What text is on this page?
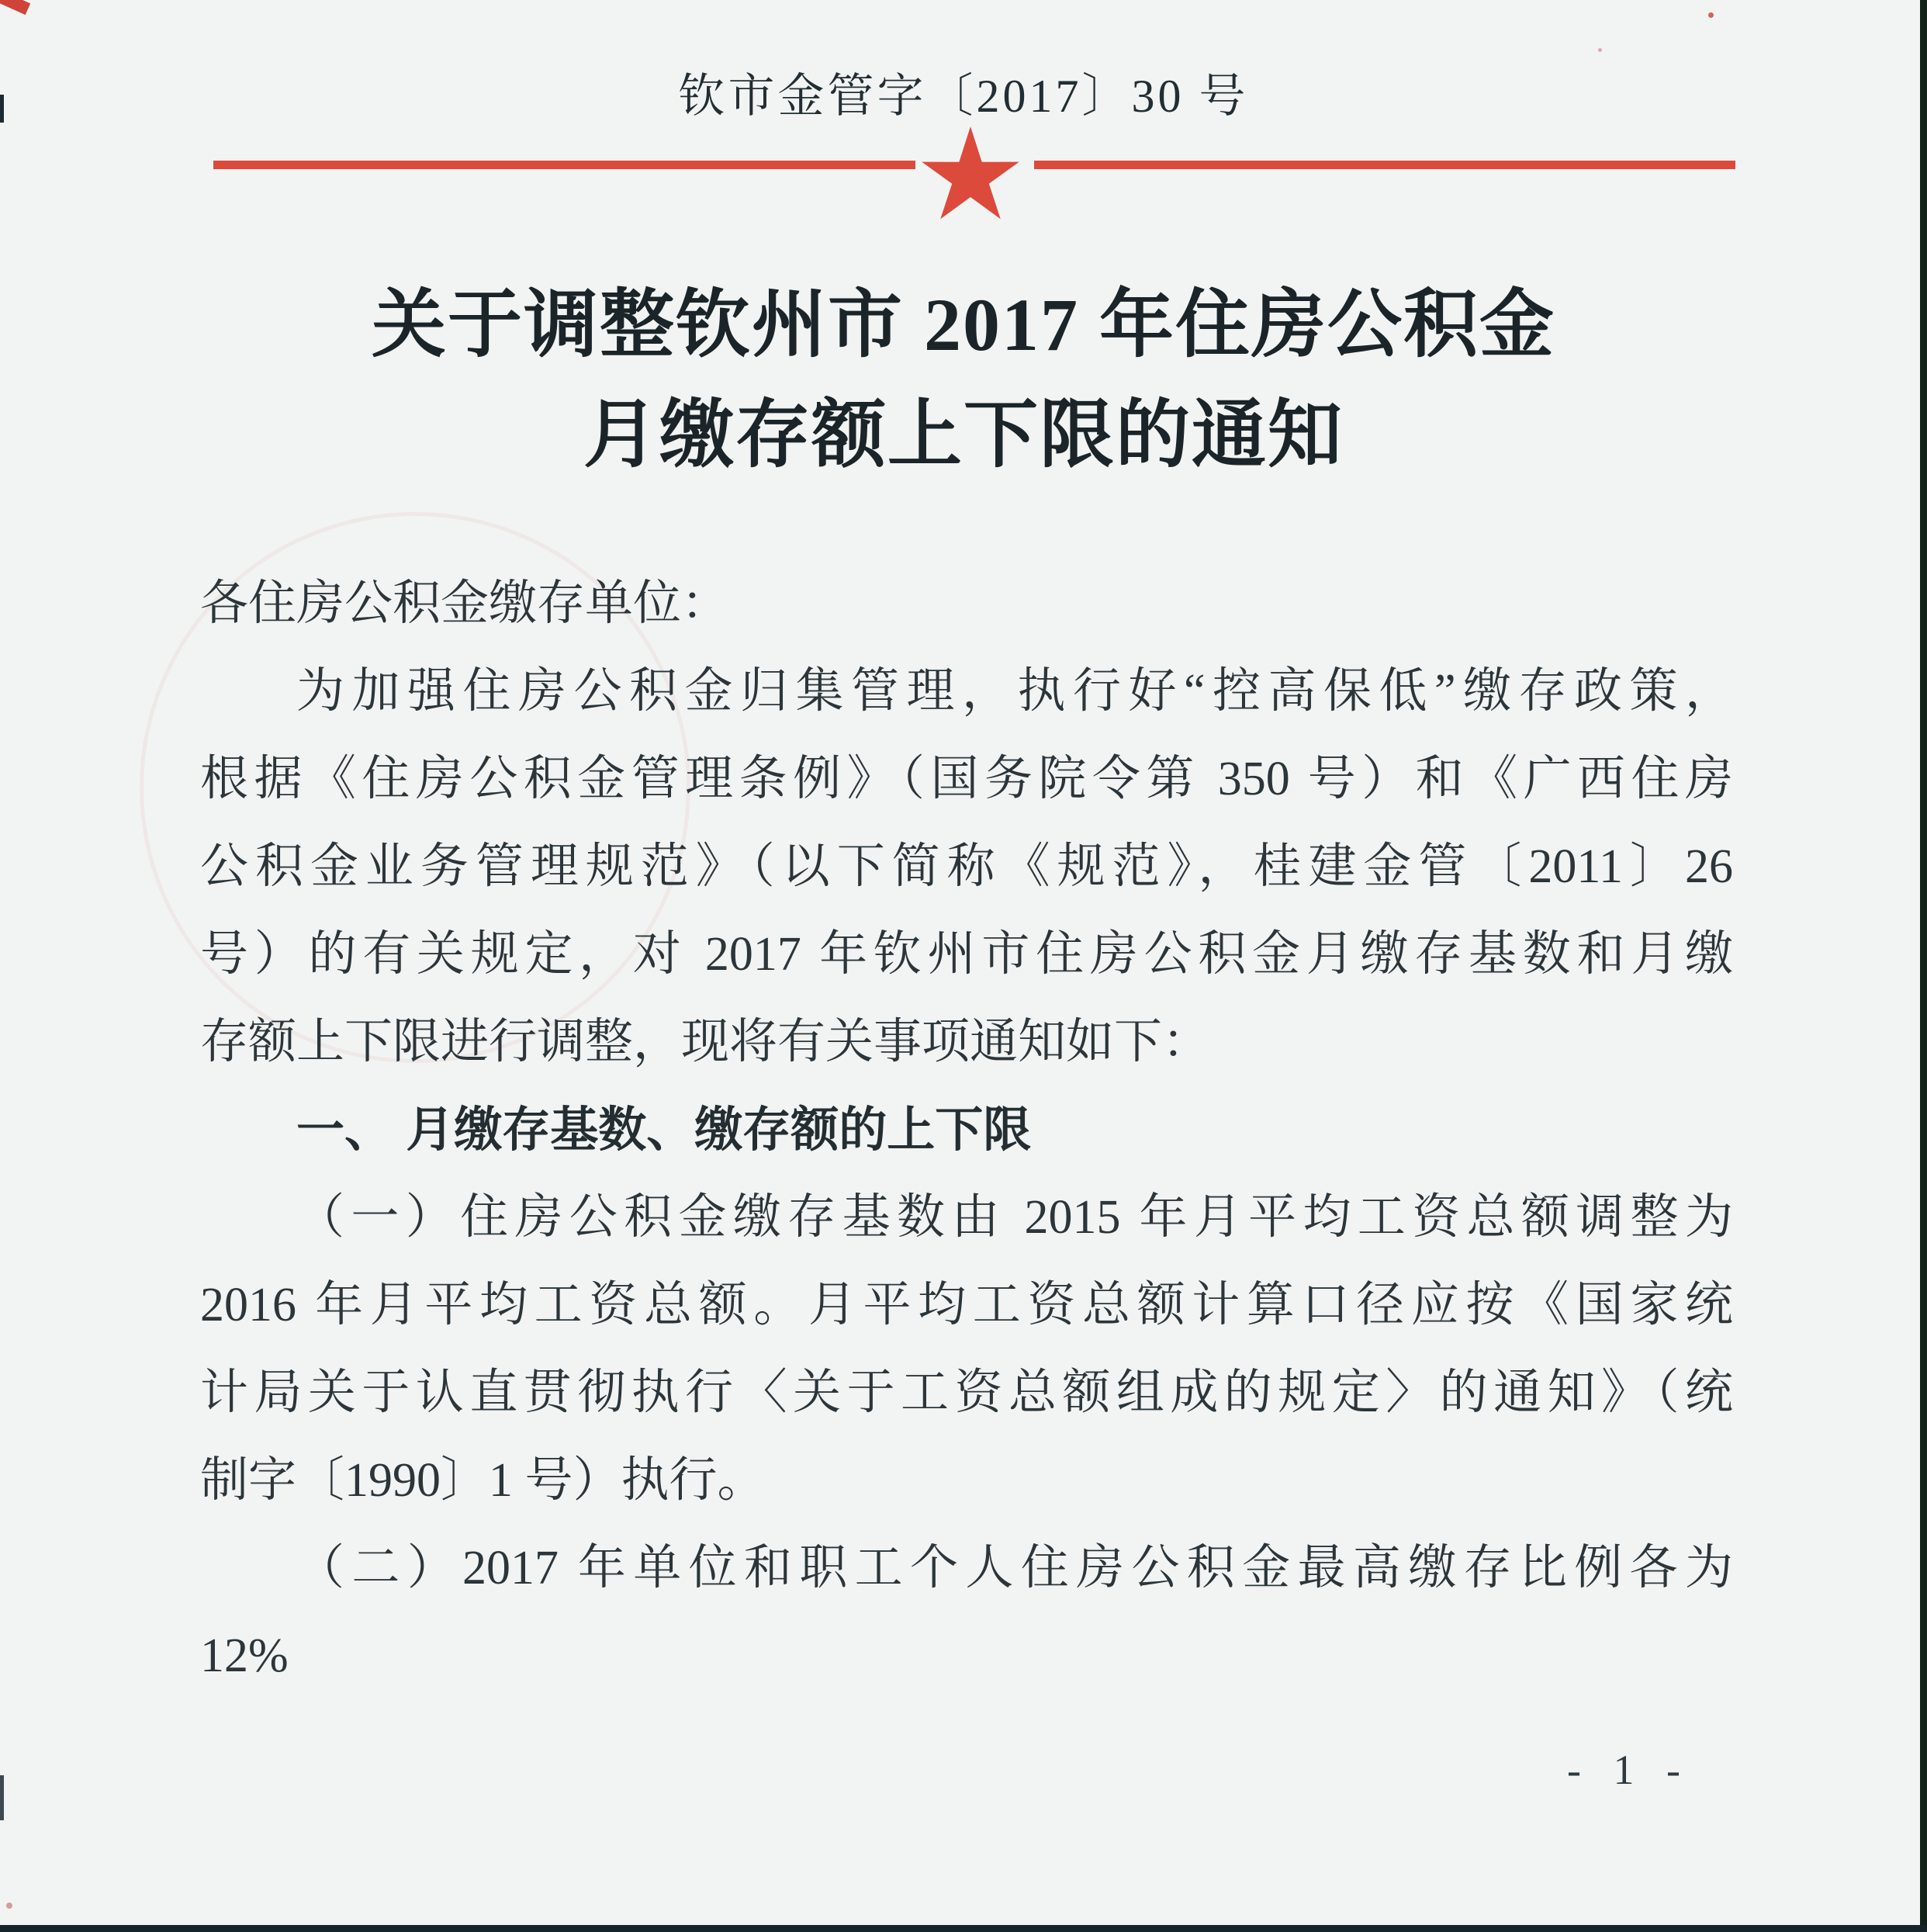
钦市金管字〔2017〕30 号
关于调整钦州市 2017 年住房公积金
月缴存额上下限的通知
各住房公积金缴存单位：
为加强住房公积金归集管理，执行好“控高保低”缴存政策，
根据《住房公积金管理条例》（国务院令第 350 号）和《广西住房
公积金业务管理规范》（以下简称《规范》，桂建金管〔2011〕26
号）的有关规定，对 2017 年钦州市住房公积金月缴存基数和月缴
存额上下限进行调整，现将有关事项通知如下：
一、 月缴存基数、缴存额的上下限
（一）住房公积金缴存基数由 2015 年月平均工资总额调整为
2016 年月平均工资总额。月平均工资总额计算口径应按《国家统
计局关于认直贯彻执行〈关于工资总额组成的规定〉的通知》（统
制字〔1990〕1 号）执行。
（二）2017 年单位和职工个人住房公积金最高缴存比例各为
12%
- 1 -
